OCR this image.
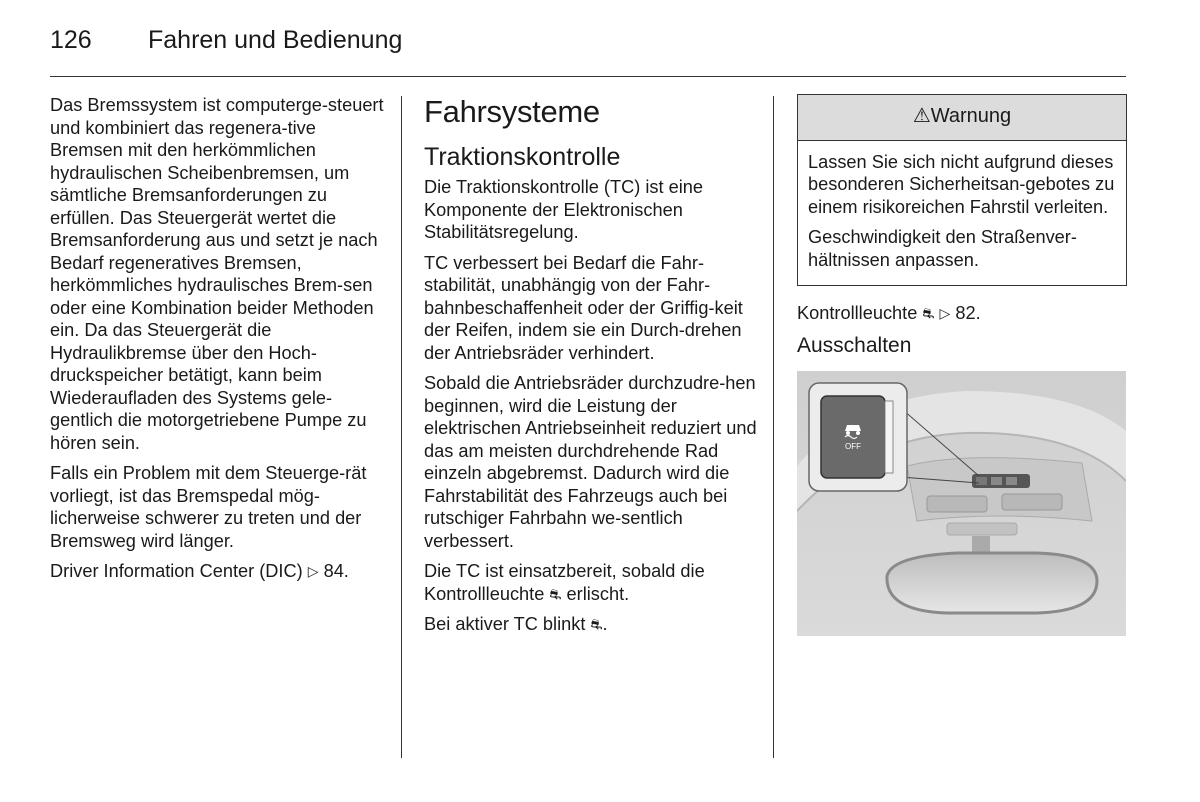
126 Fahren und Bedienung

Das Bremssystem ist computerge-steuert und kombiniert das regenera-tive Bremsen mit den herkömmlichen hydraulischen Scheibenbremsen, um sämtliche Bremsanforderungen zu erfüllen. Das Steuergerät wertet die Bremsanforderung aus und setzt je nach Bedarf regeneratives Bremsen, herkömmliches hydraulisches Brem-sen oder eine Kombination beider Methoden ein. Da das Steuergerät die Hydraulikbremse über den Hoch-druckspeicher betätigt, kann beim Wiederaufladen des Systems gele-gentlich die motorgetriebene Pumpe zu hören sein.

Falls ein Problem mit dem Steuerge-rät vorliegt, ist das Bremspedal mög-licherweise schwerer zu treten und der Bremsweg wird länger.

Driver Information Center (DIC) ▷ 84.

Fahrsysteme
Traktionskontrolle

Die Traktionskontrolle (TC) ist eine Komponente der Elektronischen Stabilitätsregelung.

TC verbessert bei Bedarf die Fahr-stabilität, unabhängig von der Fahr-bahnbeschaffenheit oder der Griffig-keit der Reifen, indem sie ein Durch-drehen der Antriebsräder verhindert.

Sobald die Antriebsräder durchzudre-hen beginnen, wird die Leistung der elektrischen Antriebseinheit reduziert und das am meisten durchdrehende Rad einzeln abgebremst. Dadurch wird die Fahrstabilität des Fahrzeugs auch bei rutschiger Fahrbahn we-sentlich verbessert.

Die TC ist einsatzbereit, sobald die Kontrollleuchte ⛐ erlischt.

Bei aktiver TC blinkt ⛐.

⚠Warnung

Lassen Sie sich nicht aufgrund dieses besonderen Sicherheitsan-gebotes zu einem risikoreichen Fahrstil verleiten.

Geschwindigkeit den Straßenver-hältnissen anpassen.

Kontrollleuchte ⛐ ▷ 82.

Ausschalten
OFF
